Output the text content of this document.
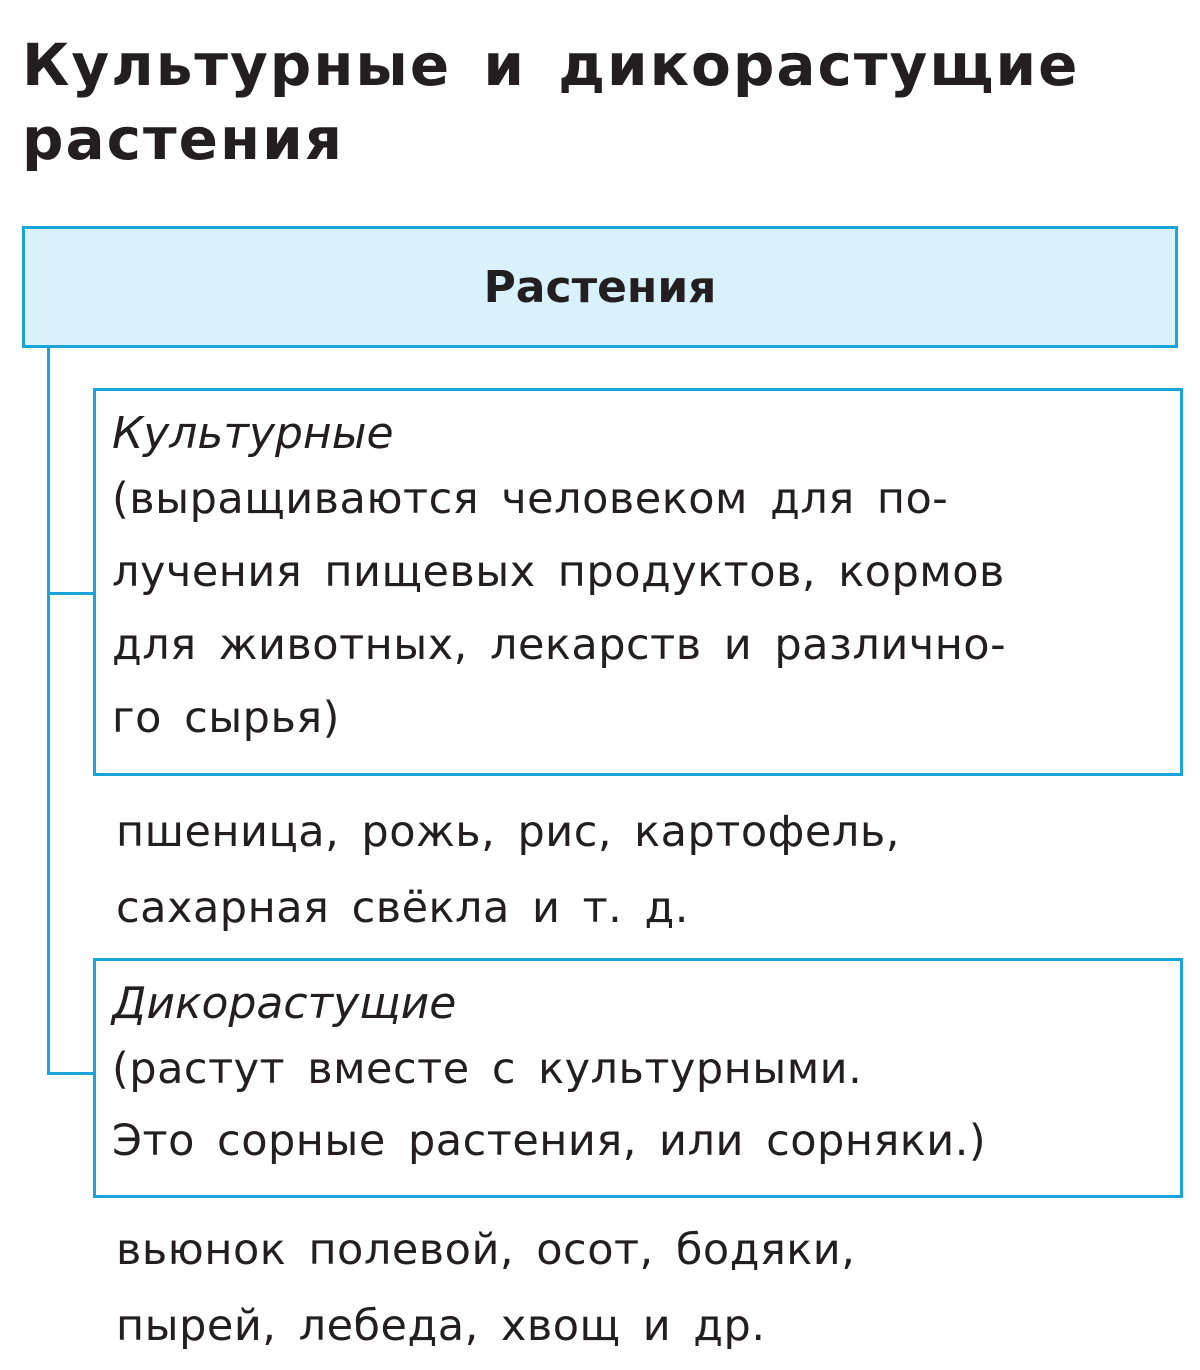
Культурные и дикорастущие
растения
Растения
Культурные
(выращиваются человеком для по-
лучения пищевых продуктов, кормов
для животных, лекарств и различно-
го сырья)

пшеница, рожь, рис, картофель,
сахарная свёкла и т. д.

Дикорастущие
(растут вместе с культурными.
Это сорные растения, или сорняки.)

вьюнок полевой, осот, бодяки,
пырей, лебеда, хвощ и др.
